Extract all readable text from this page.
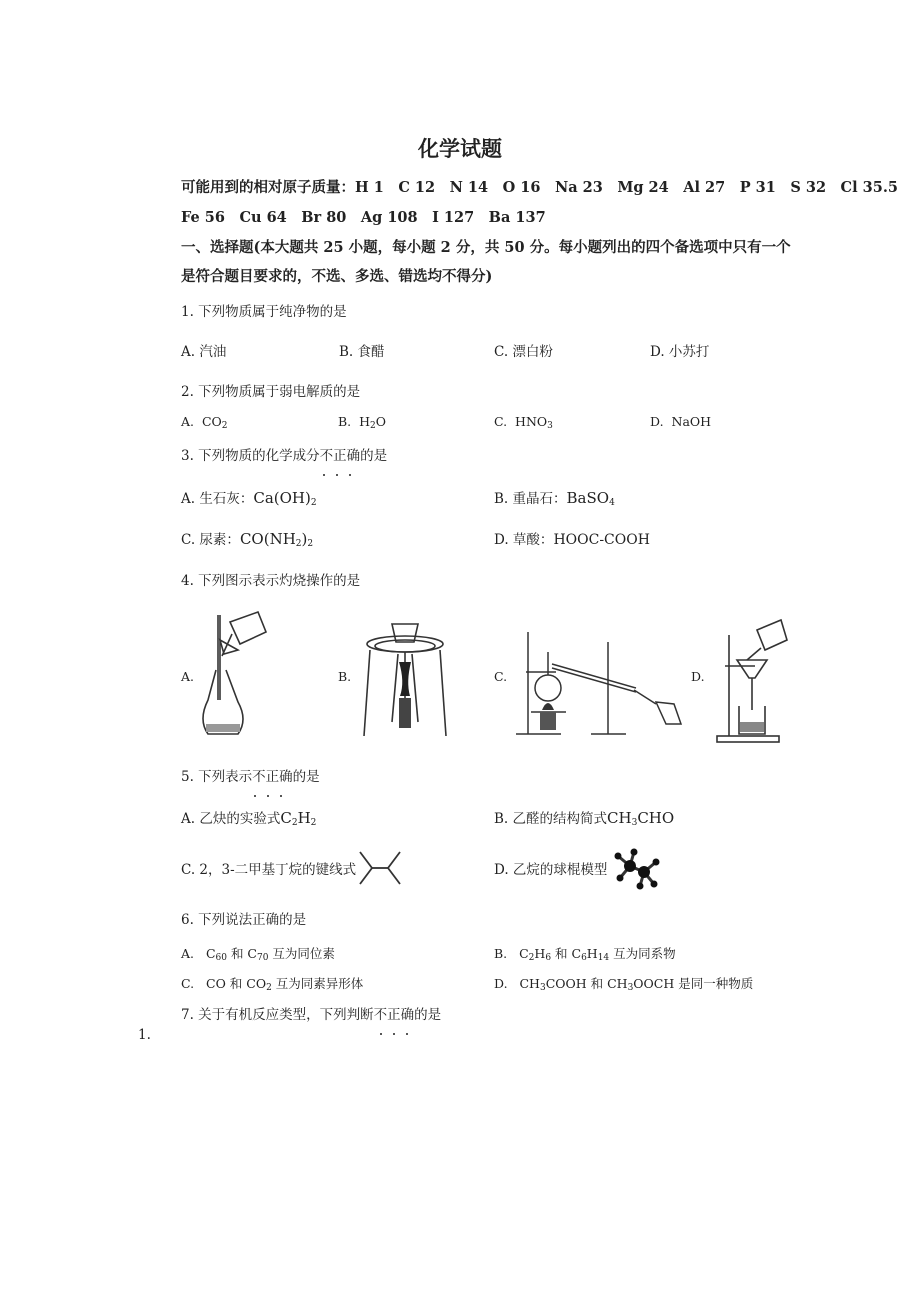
化学试题
可能用到的相对原子质量：H 1　C 12　N 14　O 16　Na 23　Mg 24　Al 27　P 31　S 32　Cl 35.5
Fe 56　Cu 64　Br 80　Ag 108　I 127　Ba 137
一、选择题(本大题共 25 小题，每小题 2 分，共 50 分。每小题列出的四个备选项中只有一个
是符合题目要求的，不选、多选、错选均不得分)
1. 下列物质属于纯净物的是
A. 汽油	B. 食醋	C. 漂白粉	D. 小苏打
2. 下列物质属于弱电解质的是
A. $CO_2$	B. $H_2O$	C. $HNO_3$	D. NaOH
3. 下列物质的化学成分不正确的是
A. 生石灰：$Ca(OH)_2$	B. 重晶石：BaSO$_4$
C. 尿素：$CO(NH_2)_2$	D. 草酸：HOOC-COOH
4. 下列图示表示灼烧操作的是
A.	B.	C.	D.
5. 下列表示不正确的是
A. 乙炔的实验式$C_2H_2$	B. 乙醛的结构简式$CH_3CHO$
C. 2，3-二甲基丁烷的键线式	D. 乙烷的球棍模型
6. 下列说法正确的是
A. $C_{60}$ 和 $C_{70}$ 互为同位素	B. $C_2H_6$ 和 $C_6H_{14}$ 互为同系物
C. CO 和 $CO_2$ 互为同素异形体	D. $CH_3COOH$ 和 $CH_3OOCH$ 是同一种物质
7. 关于有机反应类型，下列判断不正确的是
1.
